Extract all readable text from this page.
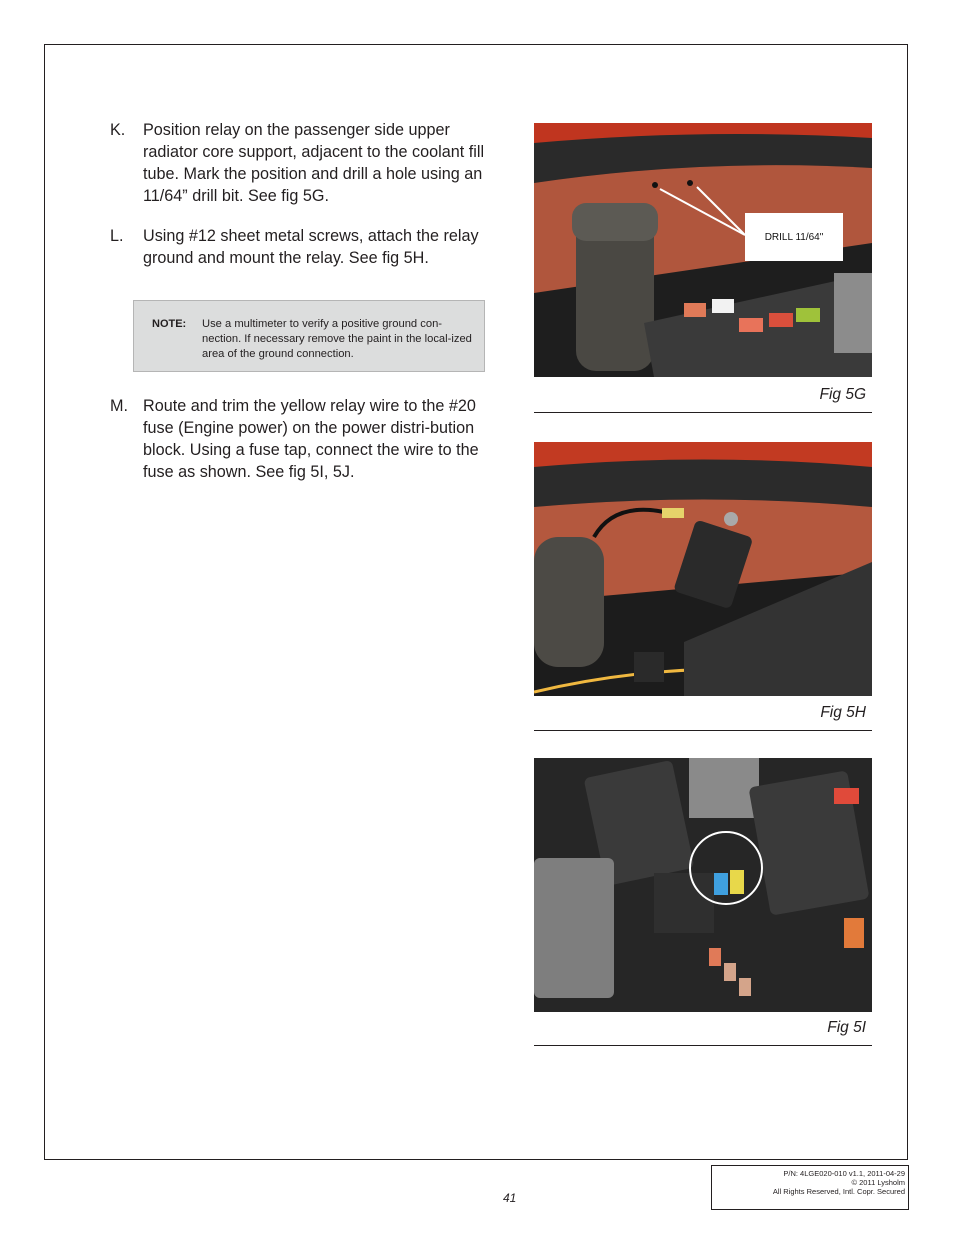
K. Position relay on the passenger side upper radiator core support, adjacent to the coolant fill tube. Mark the position and drill a hole using an 11/64” drill bit. See fig 5G.
L. Using #12 sheet metal screws, attach the relay ground and mount the relay. See fig 5H.
NOTE: Use a multimeter to verify a positive ground con-nection. If necessary remove the paint in the local-ized area of the ground connection.
M. Route and trim the yellow relay wire to the #20 fuse (Engine power) on the power distri-bution block. Using a fuse tap, connect the wire to the fuse as shown. See fig 5I, 5J.
DRILL 11/64"
Fig 5G
Fig 5H
Fig 5I
41
P/N: 4LGE020-010 v1.1, 2011-04-29
© 2011 Lysholm
All Rights Reserved, Intl. Copr. Secured
